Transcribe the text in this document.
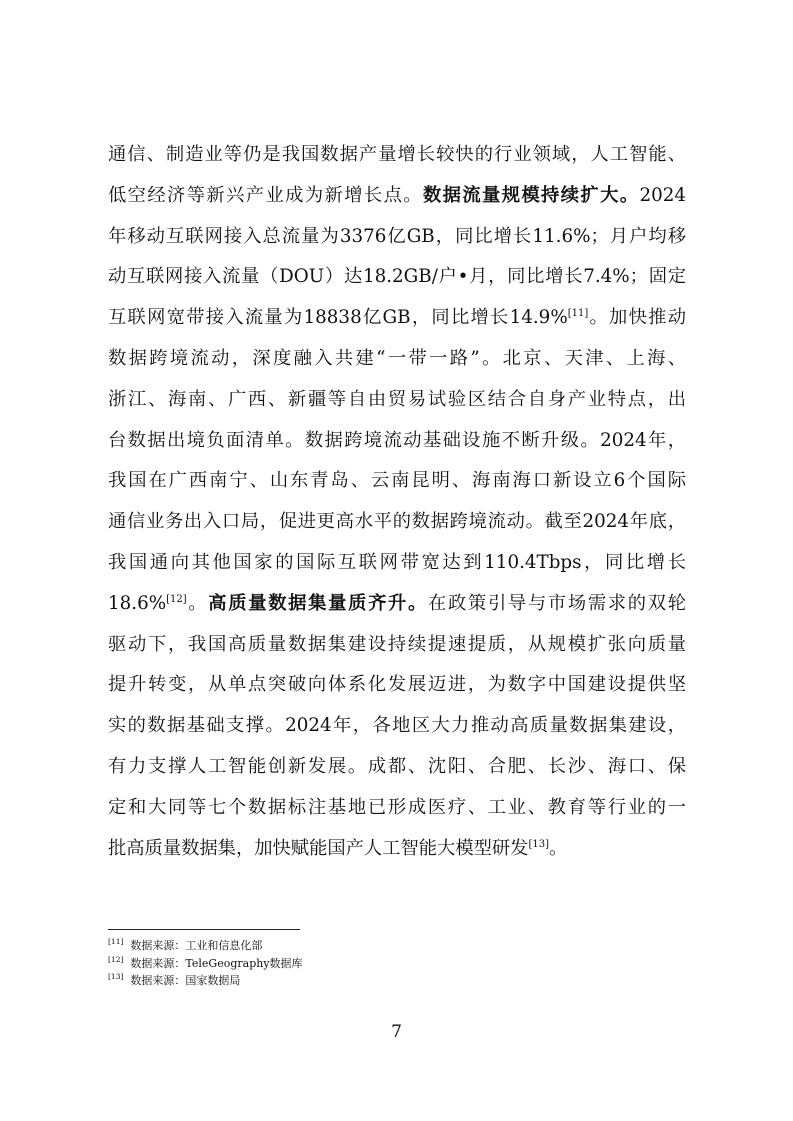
通信、制造业等仍是我国数据产量增长较快的行业领域，人工智能、
低空经济等新兴产业成为新增长点。数据流量规模持续扩大。2024
年移动互联网接入总流量为3376亿GB，同比增长11.6%；月户均移
动互联网接入流量（DOU）达18.2GB/户•月，同比增长7.4%；固定
互联网宽带接入流量为18838亿GB，同比增长14.9%[11]。加快推动
数据跨境流动，深度融入共建“一带一路”。北京、天津、上海、
浙江、海南、广西、新疆等自由贸易试验区结合自身产业特点，出
台数据出境负面清单。数据跨境流动基础设施不断升级。2024年，
我国在广西南宁、山东青岛、云南昆明、海南海口新设立6个国际
通信业务出入口局，促进更高水平的数据跨境流动。截至2024年底，
我国通向其他国家的国际互联网带宽达到110.4Tbps，同比增长
18.6%[12]。高质量数据集量质齐升。在政策引导与市场需求的双轮
驱动下，我国高质量数据集建设持续提速提质，从规模扩张向质量
提升转变，从单点突破向体系化发展迈进，为数字中国建设提供坚
实的数据基础支撑。2024年，各地区大力推动高质量数据集建设，
有力支撑人工智能创新发展。成都、沈阳、合肥、长沙、海口、保
定和大同等七个数据标注基地已形成医疗、工业、教育等行业的一
批高质量数据集，加快赋能国产人工智能大模型研发[13]。
[11] 数据来源：工业和信息化部
[12] 数据来源：TeleGeography数据库
[13] 数据来源：国家数据局
7
